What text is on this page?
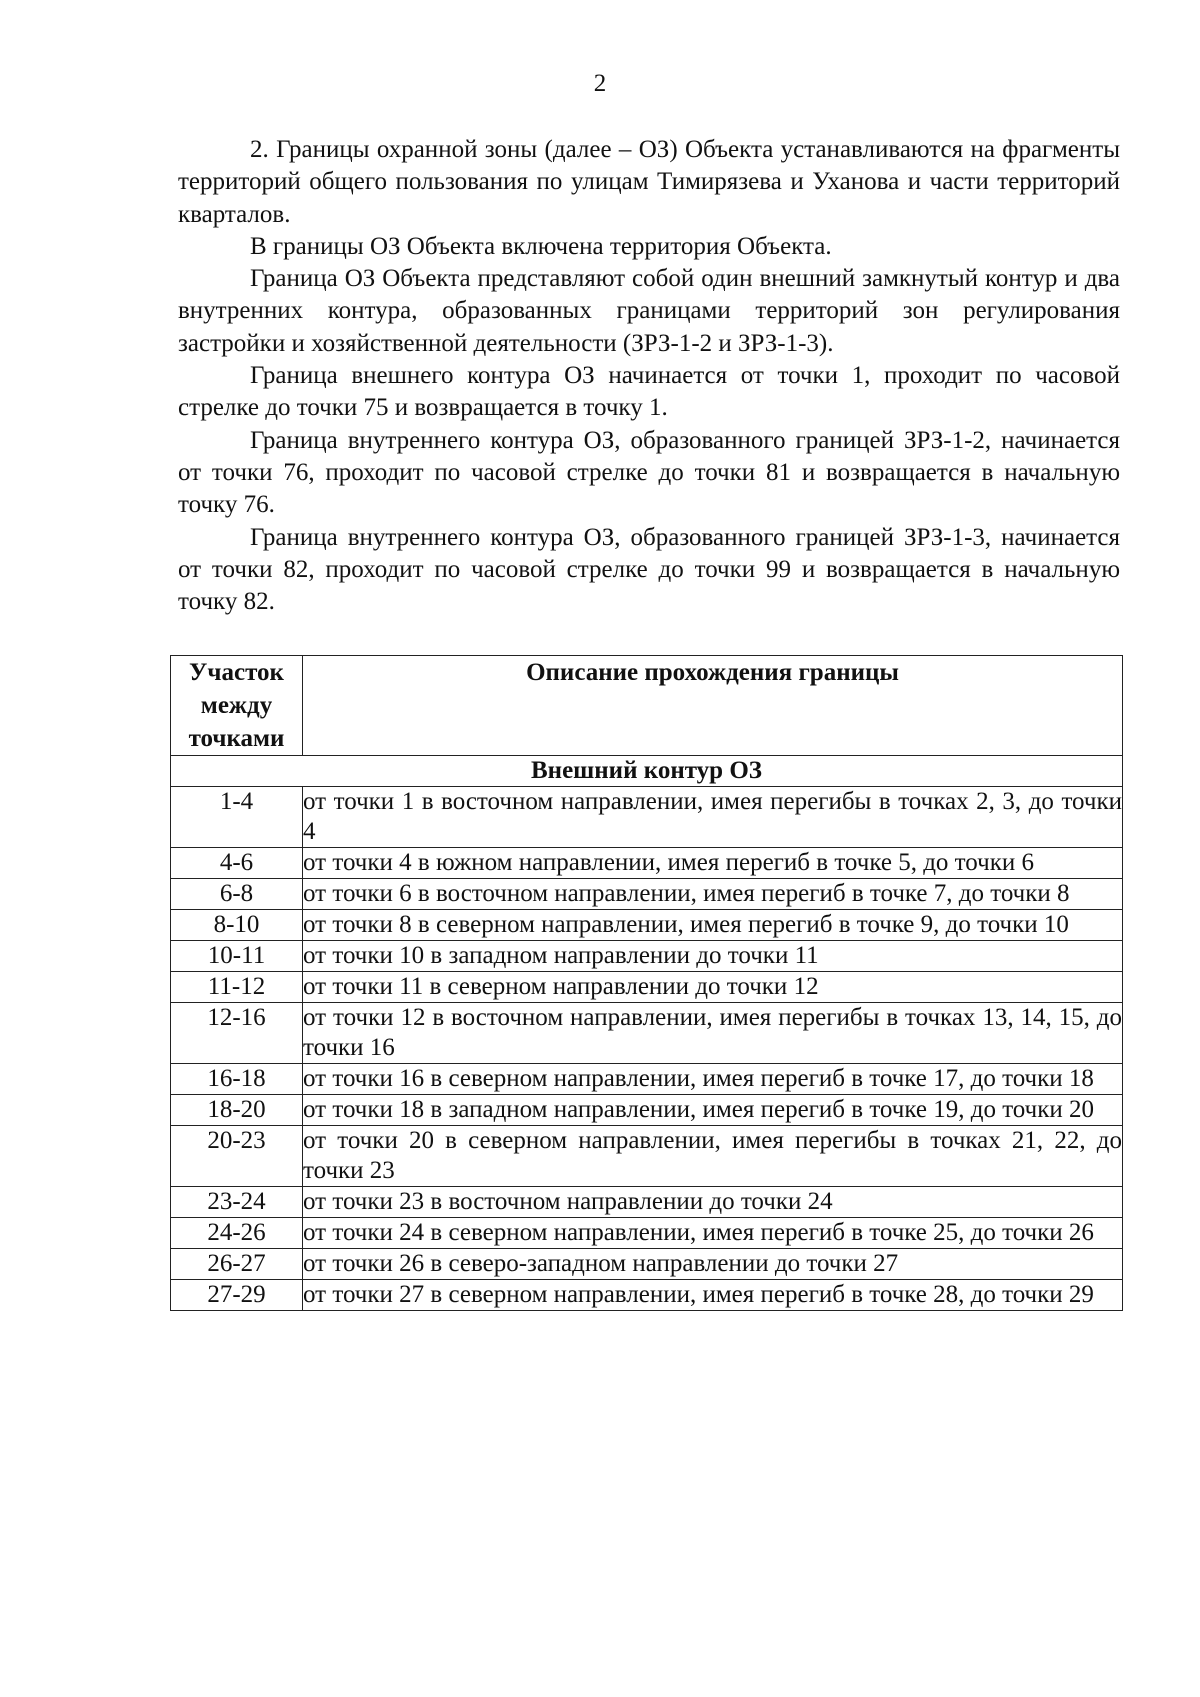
2

2. Границы охранной зоны (далее – ОЗ) Объекта устанавливаются на фрагменты территорий общего пользования по улицам Тимирязева и Уханова и части территорий кварталов.

В границы ОЗ Объекта включена территория Объекта.

Граница ОЗ Объекта представляют собой один внешний замкнутый контур и два внутренних контура, образованных границами территорий зон регулирования застройки и хозяйственной деятельности (ЗРЗ-1-2 и ЗРЗ-1-3).

Граница внешнего контура ОЗ начинается от точки 1, проходит по часовой стрелке до точки 75 и возвращается в точку 1.

Граница внутреннего контура ОЗ, образованного границей ЗРЗ-1-2, начинается от точки 76, проходит по часовой стрелке до точки 81 и возвращается в начальную точку 76.

Граница внутреннего контура ОЗ, образованного границей ЗРЗ-1-3, начинается от точки 82, проходит по часовой стрелке до точки 99 и возвращается в начальную точку 82.

Участок между точками	Описание прохождения границы
Внешний контур ОЗ	
1-4	от точки 1 в восточном направлении, имея перегибы в точках 2, 3, до точки 4
4-6	от точки 4 в южном направлении, имея перегиб в точке 5, до точки 6
6-8	от точки 6 в восточном направлении, имея перегиб в точке 7, до точки 8
8-10	от точки 8 в северном направлении, имея перегиб в точке 9, до точки 10
10-11	от точки 10 в западном направлении до точки 11
11-12	от точки 11 в северном направлении до точки 12
12-16	от точки 12 в восточном направлении, имея перегибы в точках 13, 14, 15, до точки 16
16-18	от точки 16 в северном направлении, имея перегиб в точке 17, до точки 18
18-20	от точки 18 в западном направлении, имея перегиб в точке 19, до точки 20
20-23	от точки 20 в северном направлении, имея перегибы в точках 21, 22, до точки 23
23-24	от точки 23 в восточном направлении до точки 24
24-26	от точки 24 в северном направлении, имея перегиб в точке 25, до точки 26
26-27	от точки 26 в северо-западном направлении до точки 27
27-29	от точки 27 в северном направлении, имея перегиб в точке 28, до точки 29
